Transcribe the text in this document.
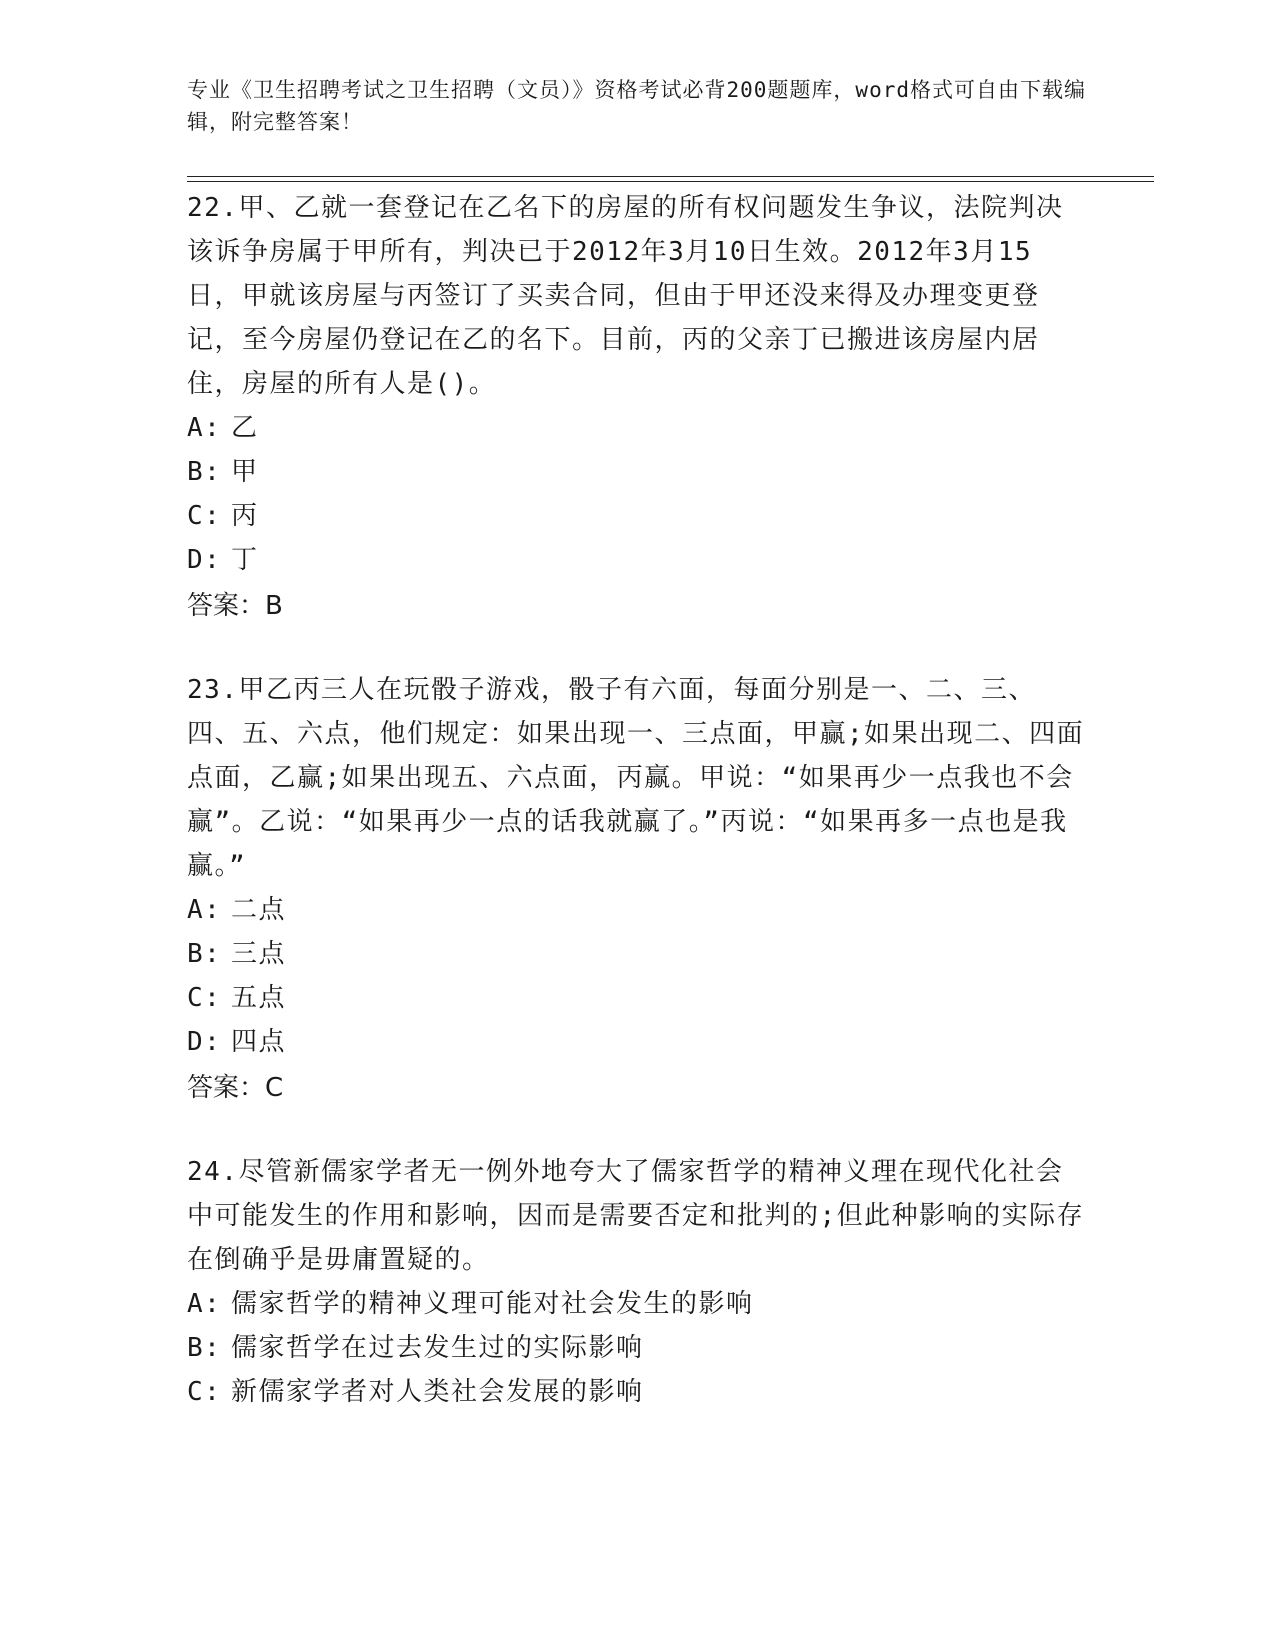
专业《卫生招聘考试之卫生招聘（文员）》资格考试必背200题题库，word格式可自由下载编辑，附完整答案！

22.甲、乙就一套登记在乙名下的房屋的所有权问题发生争议，法院判决该诉争房属于甲所有，判决已于2012年3月10日生效。2012年3月15日，甲就该房屋与丙签订了买卖合同，但由于甲还没来得及办理变更登记，至今房屋仍登记在乙的名下。目前，丙的父亲丁已搬进该房屋内居住，房屋的所有人是()。

A: 乙

B: 甲

C: 丙

D: 丁

答案：B

23.甲乙丙三人在玩骰子游戏，骰子有六面，每面分别是一、二、三、四、五、六点，他们规定：如果出现一、三点面，甲赢;如果出现二、四面点面，乙赢;如果出现五、六点面，丙赢。甲说：“如果再少一点我也不会赢”。乙说：“如果再少一点的话我就赢了。”丙说：“如果再多一点也是我赢。”

A: 二点

B: 三点

C: 五点

D: 四点

答案：C

24.尽管新儒家学者无一例外地夸大了儒家哲学的精神义理在现代化社会中可能发生的作用和影响，因而是需要否定和批判的;但此种影响的实际存在倒确乎是毋庸置疑的。

A: 儒家哲学的精神义理可能对社会发生的影响

B: 儒家哲学在过去发生过的实际影响

C: 新儒家学者对人类社会发展的影响
